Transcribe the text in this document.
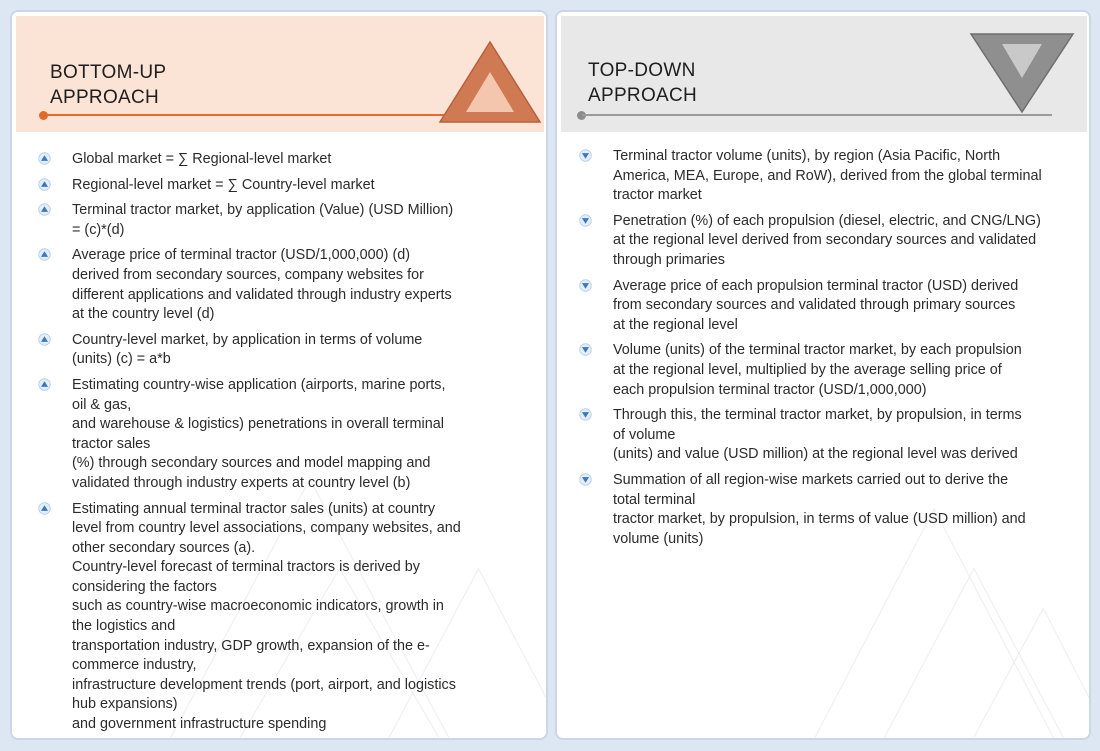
BOTTOM-UP
APPROACH
Global market = ∑ Regional-level market
Regional-level market = ∑ Country-level market
Terminal tractor market, by application (Value) (USD Million)
= (c)*(d)
Average price of terminal tractor (USD/1,000,000) (d)
derived from secondary sources, company websites for
different applications and validated through industry experts
at the country level (d)
Country-level market, by application in terms of volume
(units) (c) = a*b
Estimating country-wise application (airports, marine ports,
oil & gas,
and warehouse & logistics) penetrations in overall terminal
tractor sales
(%) through secondary sources and model mapping and
validated through industry experts at country level (b)
Estimating annual terminal tractor sales (units) at country
level from country level associations, company websites, and
other secondary sources (a).
Country-level forecast of terminal tractors is derived by
considering the factors
such as country-wise macroeconomic indicators, growth in
the logistics and
transportation industry, GDP growth, expansion of the e-
commerce industry,
infrastructure development trends (port, airport, and logistics
hub expansions)
and government infrastructure spending
TOP-DOWN
APPROACH
Terminal tractor volume (units), by region (Asia Pacific, North
America, MEA, Europe, and RoW), derived from the global terminal
tractor market
Penetration (%) of each propulsion (diesel, electric, and CNG/LNG)
at the regional level derived from secondary sources and validated
through primaries
Average price of each propulsion terminal tractor (USD) derived
from secondary sources and validated through primary sources
at the regional level
Volume (units) of the terminal tractor market, by each propulsion
at the regional level, multiplied by the average selling price of
each propulsion terminal tractor (USD/1,000,000)
Through this, the terminal tractor market, by propulsion, in terms
of volume
(units) and value (USD million) at the regional level was derived
Summation of all region-wise markets carried out to derive the
total terminal
tractor market, by propulsion, in terms of value (USD million) and
volume (units)
